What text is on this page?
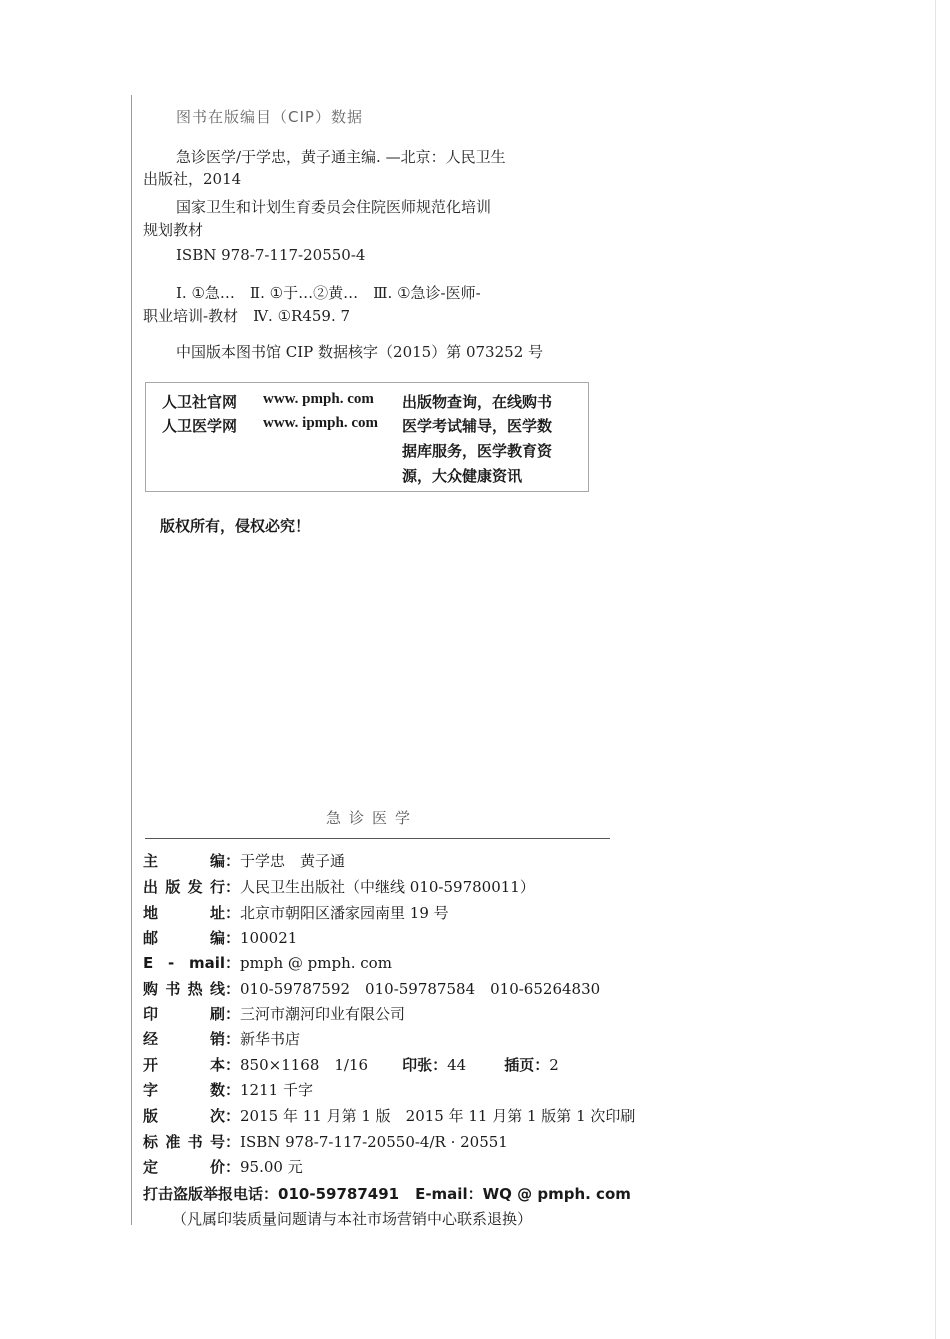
图书在版编目（CIP）数据
急诊医学/于学忠，黄子通主编. —北京：人民卫生
出版社，2014
国家卫生和计划生育委员会住院医师规范化培训
规划教材
ISBN 978-7-117-20550-4
Ⅰ. ①急…　Ⅱ. ①于…②黄…　Ⅲ. ①急诊-医师-
职业培训-教材　Ⅳ. ①R459. 7
中国版本图书馆 CIP 数据核字（2015）第 073252 号
人卫社官网 www. pmph. com
人卫医学网 www. ipmph. com
出版物查询，在线购书
医学考试辅导，医学数
据库服务，医学教育资
源，大众健康资讯
版权所有，侵权必究！
急诊医学
主编：于学忠　黄子通
出版发行：人民卫生出版社（中继线 010-59780011）
地址：北京市朝阳区潘家园南里 19 号
邮编：100021
E - mail：pmph @ pmph. com
购书热线：010-59787592　010-59787584　010-65264830
印刷：三河市潮河印业有限公司
经销：新华书店
开本：850×1168　1/16 印张：44	插页：2
字数：1211 千字
版次：2015 年 11 月第 1 版　2015 年 11 月第 1 版第 1 次印刷
标准书号：ISBN 978-7-117-20550-4/R · 20551
定价：95.00 元
打击盗版举报电话：010-59787491 E-mail：WQ @ pmph. com
（凡属印装质量问题请与本社市场营销中心联系退换）
